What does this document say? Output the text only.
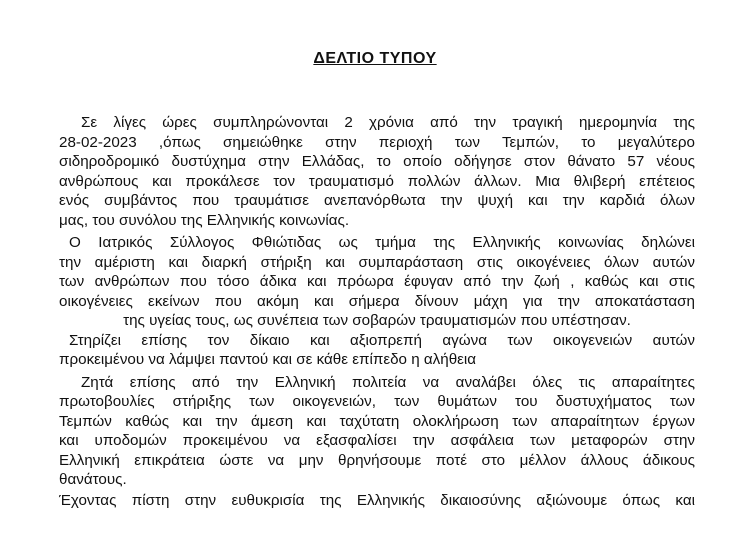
ΔΕΛΤΙΟ ΤΥΠΟΥ

Σε λίγες ώρες συμπληρώνονται 2 χρόνια από την τραγική ημερομηνία της
28-02-2023 ,όπως σημειώθηκε στην περιοχή των Τεμπών, το μεγαλύτερο
σιδηροδρομικό δυστύχημα στην Ελλάδας, το οποίο οδήγησε στον θάνατο 57 νέους
ανθρώπους και προκάλεσε τον τραυματισμό πολλών άλλων. Μια θλιβερή επέτειος
ενός συμβάντος που τραυμάτισε ανεπανόρθωτα την ψυχή και την καρδιά όλων
μας, του συνόλου της Ελληνικής κοινωνίας.

Ο Ιατρικός Σύλλογος Φθιώτιδας ως τμήμα της Ελληνικής κοινωνίας δηλώνει
την αμέριστη και διαρκή στήριξη και συμπαράσταση στις οικογένειες όλων αυτών
των ανθρώπων που τόσο άδικα και πρόωρα έφυγαν από την ζωή , καθώς και στις
οικογένειες εκείνων που ακόμη και σήμερα δίνουν μάχη για την αποκατάσταση
της υγείας τους, ως συνέπεια των σοβαρών τραυματισμών που υπέστησαν.

Στηρίζει επίσης τον δίκαιο και αξιοπρεπή αγώνα των οικογενειών αυτών
προκειμένου να λάμψει παντού και σε κάθε επίπεδο η αλήθεια

Ζητά επίσης από την Ελληνική πολιτεία να αναλάβει όλες τις απαραίτητες
πρωτοβουλίες στήριξης των οικογενειών, των θυμάτων του δυστυχήματος των
Τεμπών καθώς και την άμεση και ταχύτατη ολοκλήρωση των απαραίτητων έργων
και υποδομών προκειμένου να εξασφαλίσει την ασφάλεια των μεταφορών στην
Ελληνική επικράτεια ώστε να μην θρηνήσουμε ποτέ στο μέλλον άλλους άδικους
θανάτους.

Έχοντας πίστη στην ευθυκρισία της Ελληνικής δικαιοσύνης αξιώνουμε όπως και
